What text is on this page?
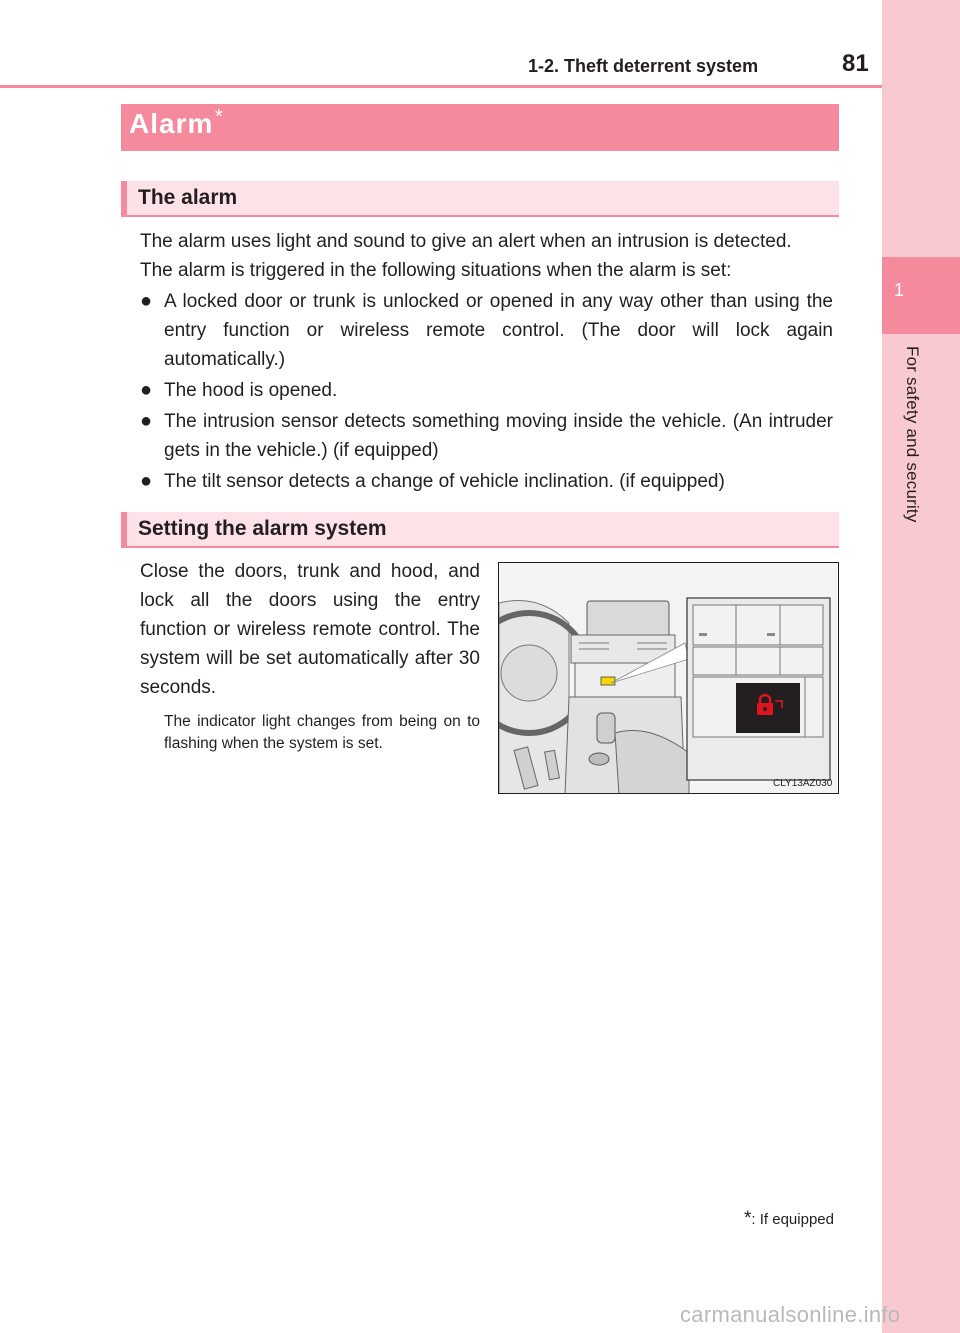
1
For safety and security
1-2. Theft deterrent system	81
Alarm *
The alarm
The alarm uses light and sound to give an alert when an intrusion is detected.
The alarm is triggered in the following situations when the alarm is set:
● A locked door or trunk is unlocked or opened in any way other than using the entry function or wireless remote control. (The door will lock again automatically.)
● The hood is opened.
● The intrusion sensor detects something moving inside the vehicle. (An intruder gets in the vehicle.) (if equipped)
● The tilt sensor detects a change of vehicle inclination. (if equipped)
Setting the alarm system
Close the doors, trunk and hood, and lock all the doors using the entry function or wireless remote control. The system will be set automatically after 30 seconds.
The indicator light changes from being on to flashing when the system is set.
CLY13AZ030
*: If equipped
carmanualsonline.info
